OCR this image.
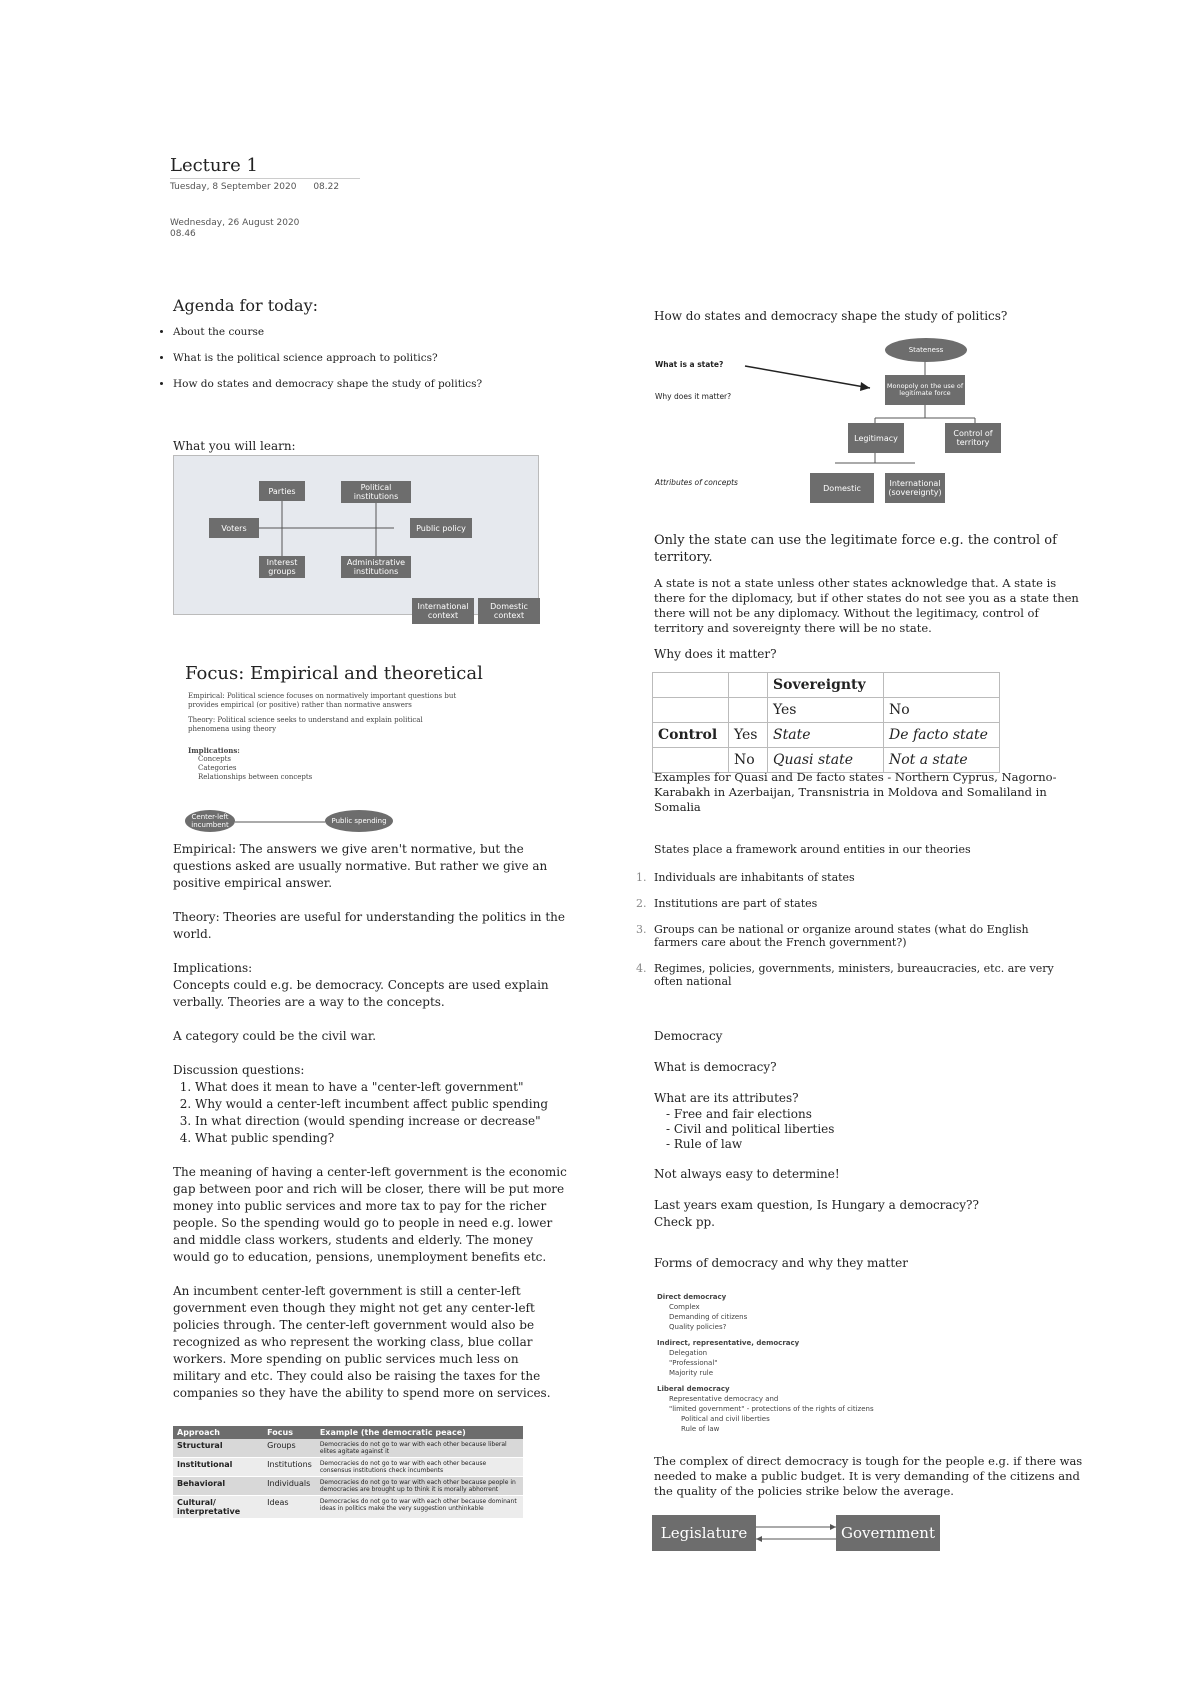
Lecture 1
Tuesday, 8 September 2020 08.22
Wednesday, 26 August 2020
08.46
Agenda for today:
• About the course
• What is the political science approach to politics?
• How do states and democracy shape the study of politics?
What you will learn:
Parties	Political institutions
Voters	Public policy
Interest groups
Administrative institutions
International context
Domestic context
Focus: Empirical and theoretical
Empirical: Political science focuses on normatively important questions but provides empirical (or positive) rather than normative answers
Theory: Political science seeks to understand and explain political phenomena using theory
Implications:
Concepts
Categories
Relationships between concepts
Center-left incumbent	Public spending
Empirical: The answers we give aren't normative, but the questions asked are usually normative. But rather we give an positive empirical answer.
Theory: Theories are useful for understanding the politics in the world.
Implications:
Concepts could e.g. be democracy. Concepts are used explain verbally. Theories are a way to the concepts.
A category could be the civil war.
Discussion questions:
1. What does it mean to have a "center-left government"
2. Why would a center-left incumbent affect public spending
3. In what direction (would spending increase or decrease"
4. What public spending?
The meaning of having a center-left government is the economic gap between poor and rich will be closer, there will be put more money into public services and more tax to pay for the richer people. So the spending would go to people in need e.g. lower and middle class workers, students and elderly. The money would go to education, pensions, unemployment benefits etc.
An incumbent center-left government is still a center-left government even though they might not get any center-left policies through. The center-left government would also be recognized as who represent the working class, blue collar workers. More spending on public services much less on military and etc. They could also be raising the taxes for the companies so they have the ability to spend more on services.
Approach	Focus	Example (the democratic peace)
Structural	Groups	Democracies do not go to war with each other because liberal elites agitate against it
Institutional	Institutions	Democracies do not go to war with each other because consensus institutions check incumbents
Behavioral	Individuals	Democracies do not go to war with each other because people in democracies are brought up to think it is morally abhorrent
Cultural/ interpretative	Ideas	Democracies do not go to war with each other because dominant ideas in politics make the very suggestion unthinkable
How do states and democracy shape the study of politics?
What is a state?
Why does it matter?
Attributes of concepts
Stateness
Monopoly on the use of legitimate force
Legitimacy	Control of territory
Domestic	International (sovereignty)
Only the state can use the legitimate force e.g. the control of territory.
A state is not a state unless other states acknowledge that. A state is there for the diplomacy, but if other states do not see you as a state then there will not be any diplomacy. Without the legitimacy, control of territory and sovereignty there will be no state.
Why does it matter?
		Sovereignty	
		Yes	No
Control	Yes	State	De facto state
	No	Quasi state	Not a state
Examples for Quasi and De facto states - Northern Cyprus, Nagorno-Karabakh in Azerbaijan, Transnistria in Moldova and Somaliland in Somalia
States place a framework around entities in our theories
1. Individuals are inhabitants of states
2. Institutions are part of states
3. Groups can be national or organize around states (what do English farmers care about the French government?)
4. Regimes, policies, governments, ministers, bureaucracies, etc. are very often national
Democracy
What is democracy?
What are its attributes?
- Free and fair elections
- Civil and political liberties
- Rule of law
Not always easy to determine!
Last years exam question, Is Hungary a democracy?? Check pp.
Forms of democracy and why they matter
Direct democracy
Complex
Demanding of citizens
Quality policies?
Indirect, representative, democracy
Delegation
"Professional"
Majority rule
Liberal democracy
Representative democracy and
"limited government" - protections of the rights of citizens
Political and civil liberties
Rule of law
The complex of direct democracy is tough for the people e.g. if there was needed to make a public budget. It is very demanding of the citizens and the quality of the policies strike below the average.
Legislature	Government
